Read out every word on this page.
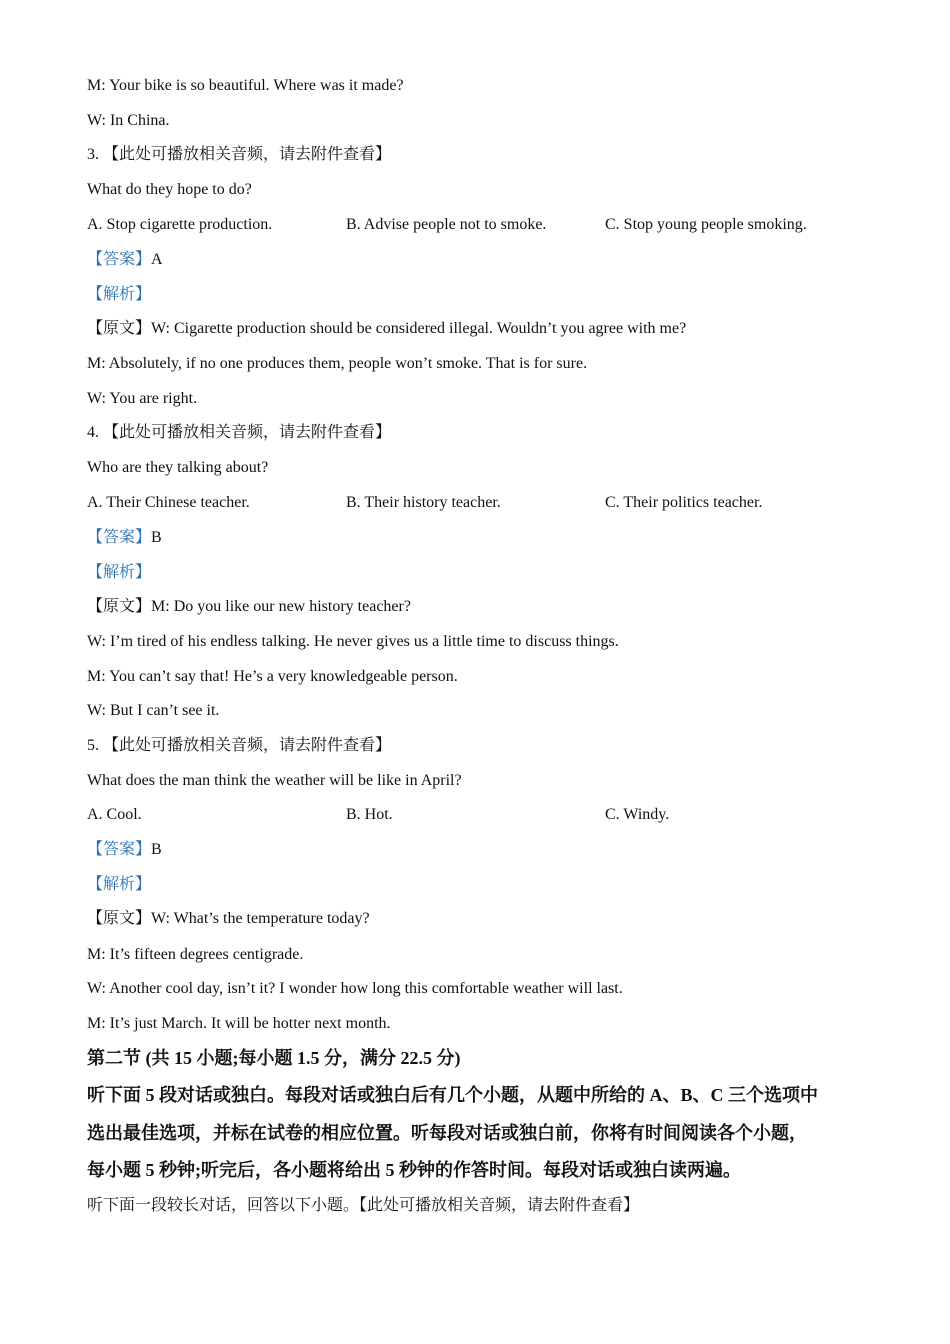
M: Your bike is so beautiful. Where was it made?
W: In China.
3. 【此处可播放相关音频，请去附件查看】
What do they hope to do?
A. Stop cigarette production.	B. Advise people not to smoke.	C. Stop young people smoking.
【答案】A
【解析】
【原文】W: Cigarette production should be considered illegal. Wouldn’t you agree with me?
M: Absolutely, if no one produces them, people won’t smoke. That is for sure.
W: You are right.
4. 【此处可播放相关音频，请去附件查看】
Who are they talking about?
A. Their Chinese teacher.	B. Their history teacher.	C. Their politics teacher.
【答案】B
【解析】
【原文】M: Do you like our new history teacher?
W: I’m tired of his endless talking. He never gives us a little time to discuss things.
M: You can’t say that! He’s a very knowledgeable person.
W: But I can’t see it.
5. 【此处可播放相关音频，请去附件查看】
What does the man think the weather will be like in April?
A. Cool.	B. Hot.	C. Windy.
【答案】B
【解析】
【原文】W: What’s the temperature today?
M: It’s fifteen degrees centigrade.
W: Another cool day, isn’t it? I wonder how long this comfortable weather will last.
M: It’s just March. It will be hotter next month.
第二节 (共 15 小题;每小题 1.5 分，满分 22.5 分)
听下面 5 段对话或独白。每段对话或独白后有几个小题，从题中所给的 A、B、C 三个选项中
选出最佳选项，并标在试卷的相应位置。听每段对话或独白前，你将有时间阅读各个小题，
每小题 5 秒钟;听完后，各小题将给出 5 秒钟的作答时间。每段对话或独白读两遍。
听下面一段较长对话，回答以下小题。【此处可播放相关音频，请去附件查看】
